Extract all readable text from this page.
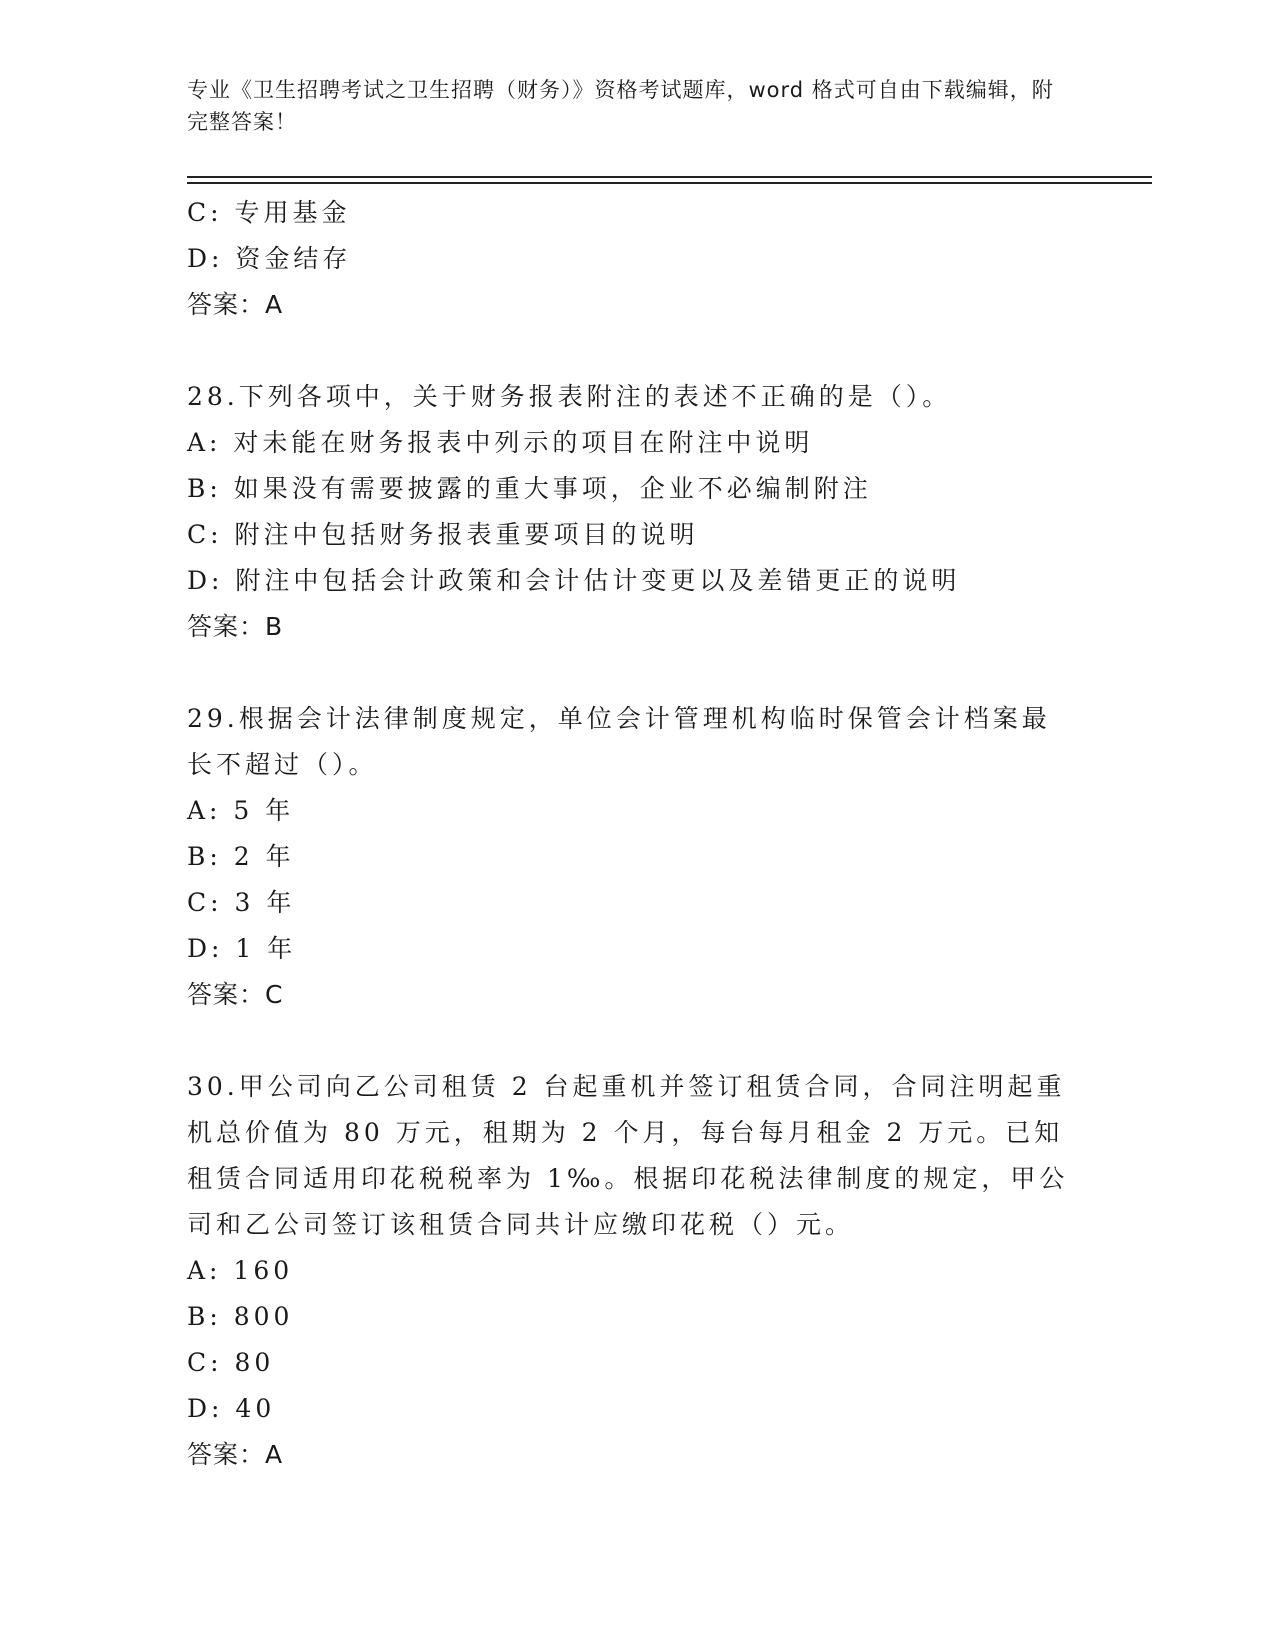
专业《卫生招聘考试之卫生招聘（财务）》资格考试题库，word 格式可自由下载编辑，附完整答案！
C: 专用基金
D: 资金结存
答案：A
28.下列各项中，关于财务报表附注的表述不正确的是（）。
A: 对未能在财务报表中列示的项目在附注中说明
B: 如果没有需要披露的重大事项，企业不必编制附注
C: 附注中包括财务报表重要项目的说明
D: 附注中包括会计政策和会计估计变更以及差错更正的说明
答案：B
29.根据会计法律制度规定，单位会计管理机构临时保管会计档案最长不超过（）。
A: 5 年
B: 2 年
C: 3 年
D: 1 年
答案：C
30.甲公司向乙公司租赁 2 台起重机并签订租赁合同，合同注明起重机总价值为 80 万元，租期为 2 个月，每台每月租金 2 万元。已知租赁合同适用印花税税率为 1‰。根据印花税法律制度的规定，甲公司和乙公司签订该租赁合同共计应缴印花税（）元。
A: 160
B: 800
C: 80
D: 40
答案：A
